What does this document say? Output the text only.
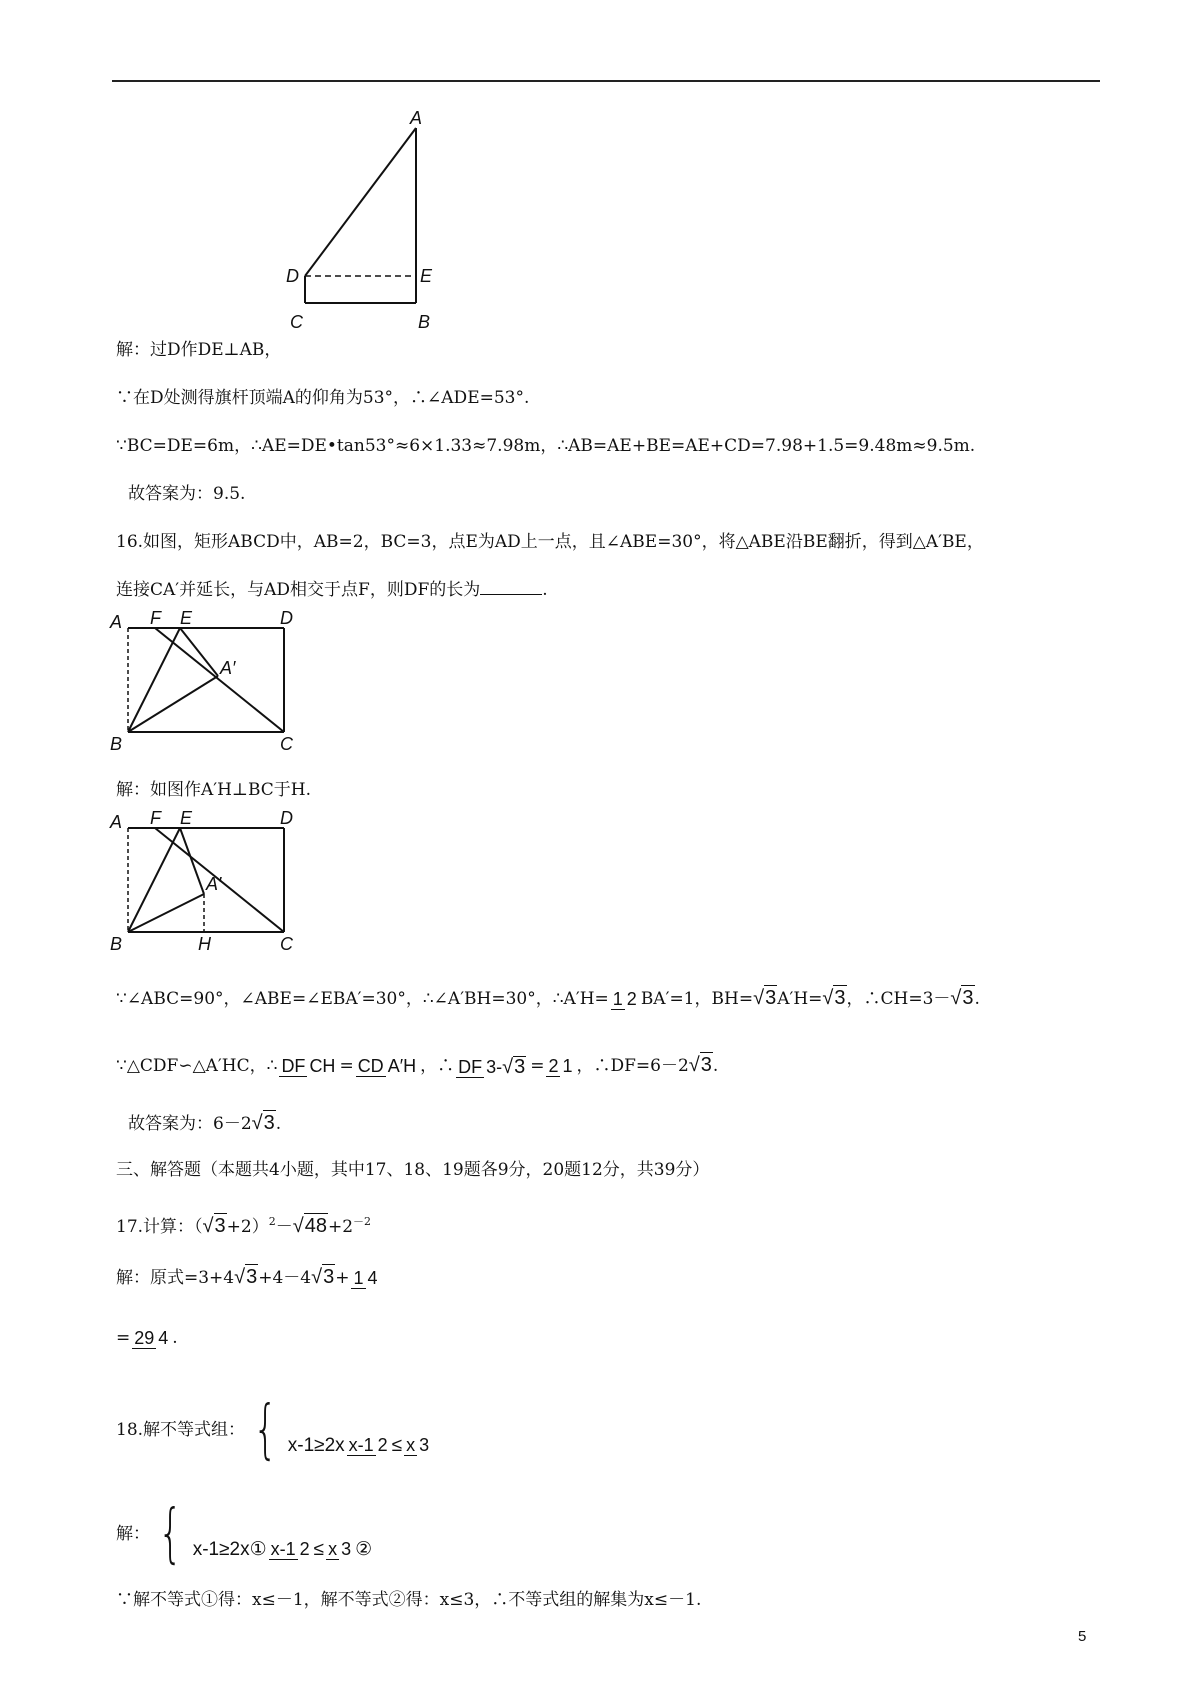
A
D	E
C	B
解：过D作DE⊥AB，
∵在D处测得旗杆顶端A的仰角为53°，∴∠ADE=53°.
∵BC=DE=6m，∴AE=DE•tan53°≈6×1.33≈7.98m，∴AB=AE+BE=AE+CD=7.98+1.5=9.48m≈9.5m.
故答案为：9.5.
16.如图，矩形ABCD中，AB=2，BC=3，点E为AD上一点，且∠ABE=30°，将△ABE沿BE翻折，得到△A′BE，
连接CA′并延长，与AD相交于点F，则DF的长为	.
A F E	D
A′
B	C
解：如图作A′H⊥BC于H.
A F E	D
A′
B	H	C
∵∠ABC=90°，∠ABE=∠EBA′=30°，∴∠A′BH=30°，∴A′H= 1 2 BA′=1，BH=√3A′H=√3，∴CH=3－√3.
∵△CDF∽△A′HC，∴ DF CH = CD A′H ，∴ DF 3-√3 = 2 1 ，∴DF=6－2√3.
故答案为：6－2√3.
三、解答题（本题共4小题，其中17、18、19题各9分，20题12分，共39分）
17.计算：$(√3+2)^2-√48+2^{-2}$
解：原式=3+4√3+4－4√3+ 1 4
= 29 4 .
18.解不等式组： { x-1≥2x x-1 2 ≤ x 3
解： { x-1≥2x① x-1 2 ≤ x 3 ②
∵解不等式①得：x≤－1，解不等式②得：x≤3，∴不等式组的解集为x≤－1.
5
